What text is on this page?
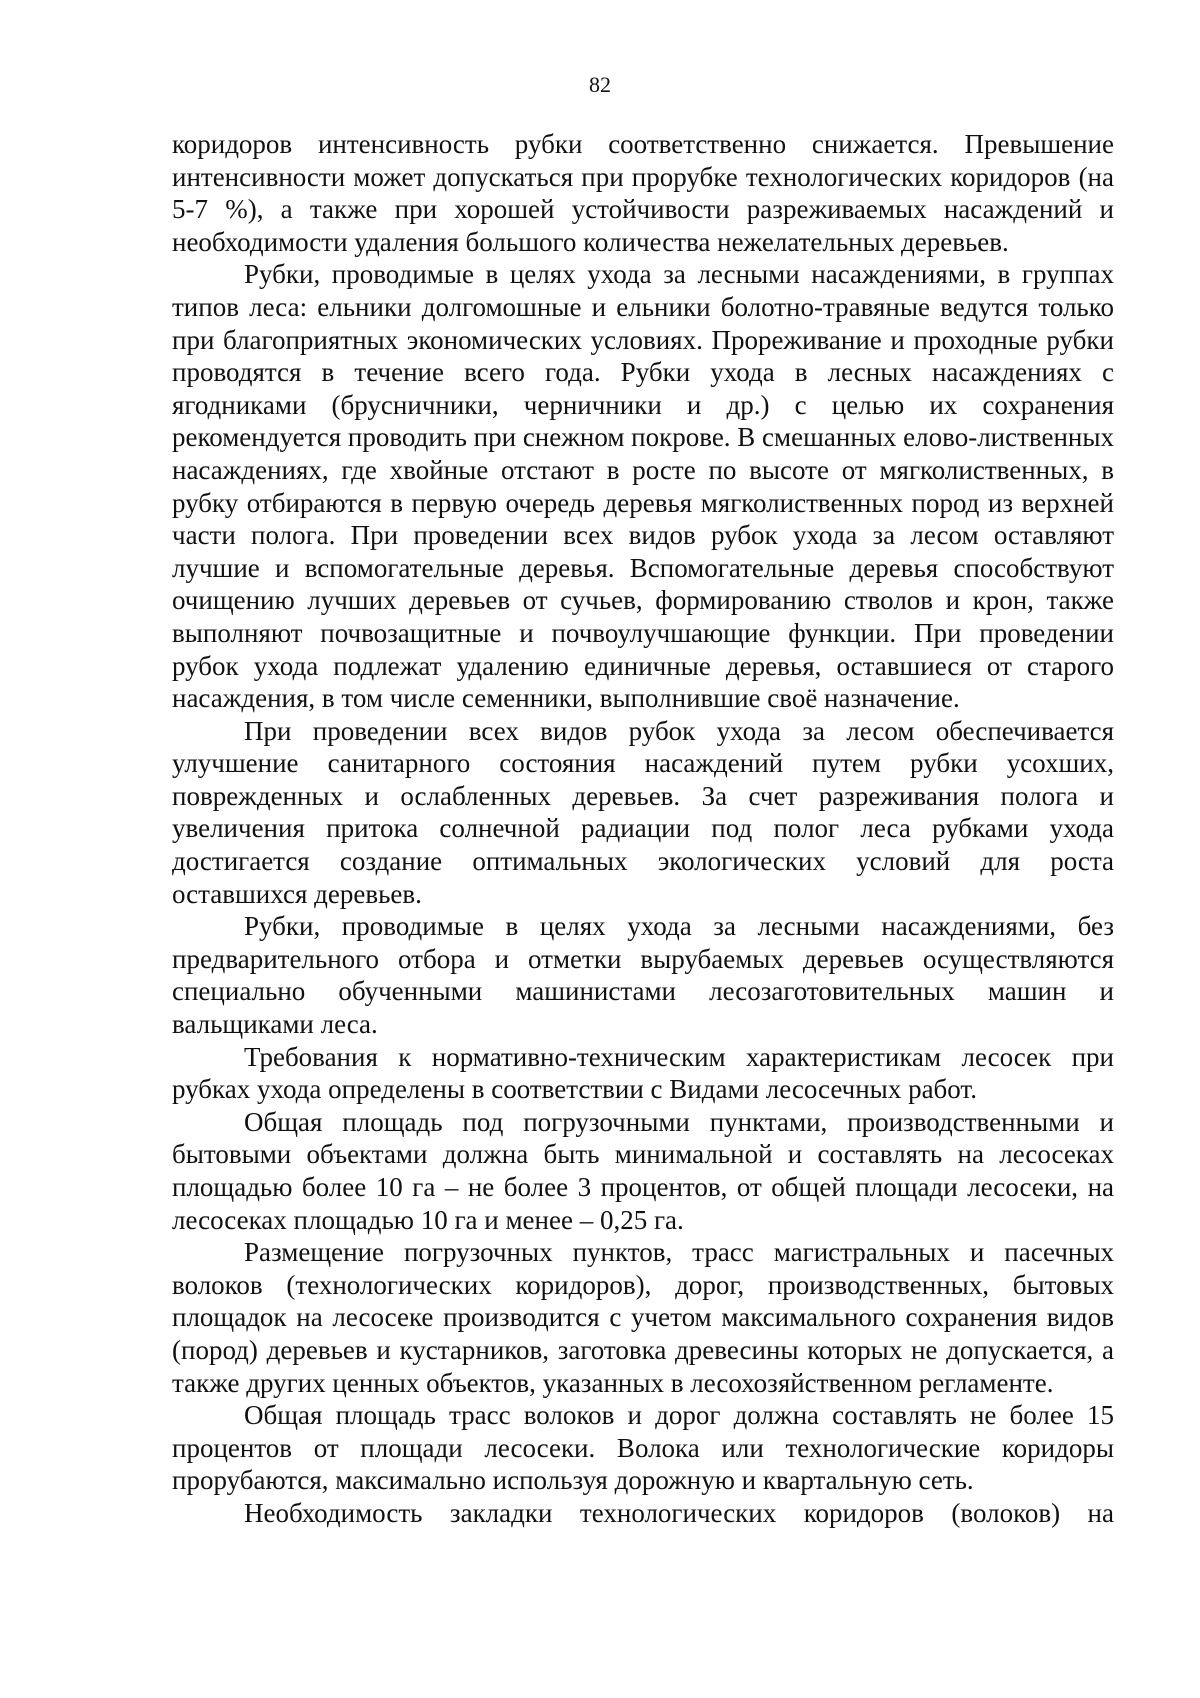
82

коридоров интенсивность рубки соответственно снижается. Превышение интенсивности может допускаться при прорубке технологических коридоров (на 5-7 %), а также при хорошей устойчивости разреживаемых насаждений и необходимости удаления большого количества нежелательных деревьев.

Рубки, проводимые в целях ухода за лесными насаждениями, в группах типов леса: ельники долгомошные и ельники болотно-травяные ведутся только при благоприятных экономических условиях. Прореживание и проходные рубки проводятся в течение всего года. Рубки ухода в лесных насаждениях с ягодниками (брусничники, черничники и др.) с целью их сохранения рекомендуется проводить при снежном покрове. В смешанных елово-лиственных насаждениях, где хвойные отстают в росте по высоте от мягколиственных, в рубку отбираются в первую очередь деревья мягколиственных пород из верхней части полога. При проведении всех видов рубок ухода за лесом оставляют лучшие и вспомогательные деревья. Вспомогательные деревья способствуют очищению лучших деревьев от сучьев, формированию стволов и крон, также выполняют почвозащитные и почвоулучшающие функции. При проведении рубок ухода подлежат удалению единичные деревья, оставшиеся от старого насаждения, в том числе семенники, выполнившие своё назначение.

При проведении всех видов рубок ухода за лесом обеспечивается улучшение санитарного состояния насаждений путем рубки усохших, поврежденных и ослабленных деревьев. За счет разреживания полога и увеличения притока солнечной радиации под полог леса рубками ухода достигается создание оптимальных экологических условий для роста оставшихся деревьев.

Рубки, проводимые в целях ухода за лесными насаждениями, без предварительного отбора и отметки вырубаемых деревьев осуществляются специально обученными машинистами лесозаготовительных машин и вальщиками леса.

Требования к нормативно-техническим характеристикам лесосек при рубках ухода определены в соответствии с Видами лесосечных работ.

Общая площадь под погрузочными пунктами, производственными и бытовыми объектами должна быть минимальной и составлять на лесосеках площадью более 10 га – не более 3 процентов, от общей площади лесосеки, на лесосеках площадью 10 га и менее – 0,25 га.

Размещение погрузочных пунктов, трасс магистральных и пасечных волоков (технологических коридоров), дорог, производственных, бытовых площадок на лесосеке производится с учетом максимального сохранения видов (пород) деревьев и кустарников, заготовка древесины которых не допускается, а также других ценных объектов, указанных в лесохозяйственном регламенте.

Общая площадь трасс волоков и дорог должна составлять не более 15 процентов от площади лесосеки. Волока или технологические коридоры прорубаются, максимально используя дорожную и квартальную сеть.

Необходимость закладки технологических коридоров (волоков) на
